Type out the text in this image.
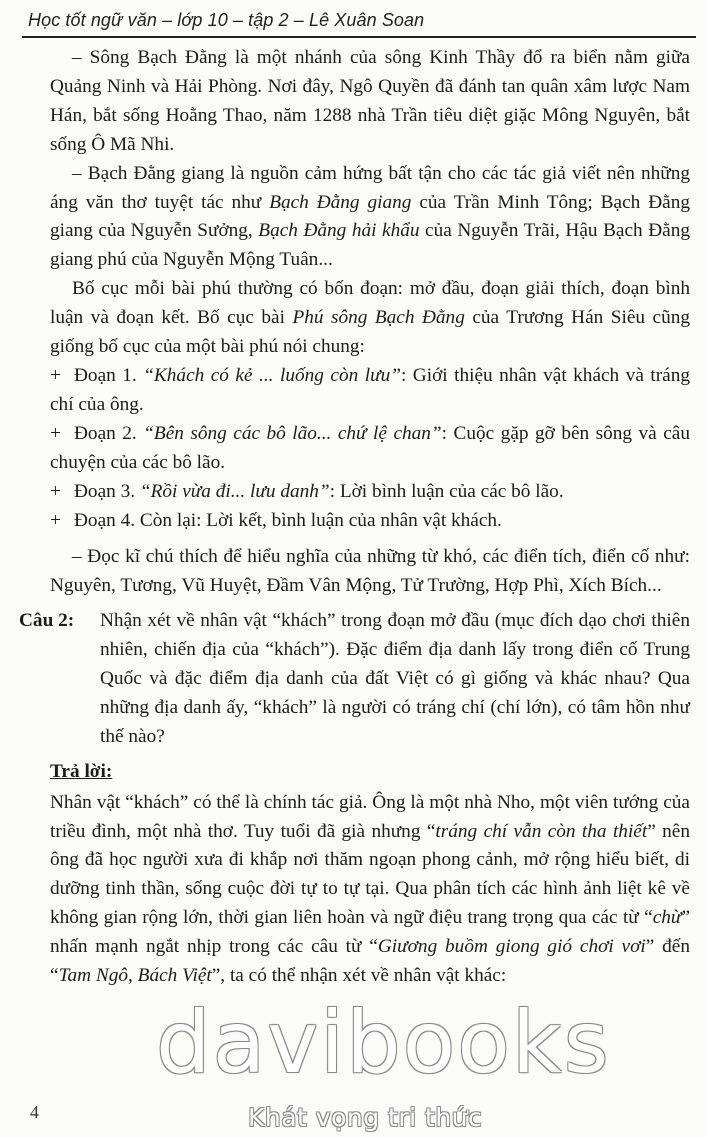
Học tốt ngữ văn – lớp 10 – tập 2 – Lê Xuân Soan

– Sông Bạch Đằng là một nhánh của sông Kinh Thầy đổ ra biển nằm giữa Quảng Ninh và Hải Phòng. Nơi đây, Ngô Quyền đã đánh tan quân xâm lược Nam Hán, bắt sống Hoằng Thao, năm 1288 nhà Trần tiêu diệt giặc Mông Nguyên, bắt sống Ô Mã Nhi.

– Bạch Đằng giang là nguồn cảm hứng bất tận cho các tác giả viết nên những áng văn thơ tuyệt tác như Bạch Đằng giang của Trần Minh Tông; Bạch Đằng giang của Nguyễn Sưởng, Bạch Đằng hải khẩu của Nguyễn Trãi, Hậu Bạch Đằng giang phú của Nguyễn Mộng Tuân...

Bố cục mỗi bài phú thường có bốn đoạn: mở đầu, đoạn giải thích, đoạn bình luận và đoạn kết. Bố cục bài Phú sông Bạch Đằng của Trương Hán Siêu cũng giống bố cục của một bài phú nói chung:

+ Đoạn 1. “Khách có kẻ ... luống còn lưu”: Giới thiệu nhân vật khách và tráng chí của ông.

+ Đoạn 2. “Bên sông các bô lão... chứ lệ chan”: Cuộc gặp gỡ bên sông và câu chuyện của các bô lão.

+ Đoạn 3. “Rồi vừa đi... lưu danh”: Lời bình luận của các bô lão.

+ Đoạn 4. Còn lại: Lời kết, bình luận của nhân vật khách.

– Đọc kĩ chú thích để hiểu nghĩa của những từ khó, các điển tích, điển cố như: Nguyên, Tương, Vũ Huyệt, Đầm Vân Mộng, Tử Trường, Hợp Phì, Xích Bích...

Câu 2: Nhận xét về nhân vật “khách” trong đoạn mở đầu (mục đích dạo chơi thiên nhiên, chiến địa của “khách”). Đặc điểm địa danh lấy trong điển cố Trung Quốc và đặc điểm địa danh của đất Việt có gì giống và khác nhau? Qua những địa danh ấy, “khách” là người có tráng chí (chí lớn), có tâm hồn như thế nào?

Trả lời:

Nhân vật “khách” có thể là chính tác giả. Ông là một nhà Nho, một viên tướng của triều đình, một nhà thơ. Tuy tuổi đã già nhưng “tráng chí vẫn còn tha thiết” nên ông đã học người xưa đi khắp nơi thăm ngoạn phong cảnh, mở rộng hiểu biết, di dưỡng tinh thần, sống cuộc đời tự to tự tại. Qua phân tích các hình ảnh liệt kê về không gian rộng lớn, thời gian liên hoàn và ngữ điệu trang trọng qua các từ “chừ” nhấn mạnh ngắt nhịp trong các câu từ “Giương buồm giong gió chơi vơi” đến “Tam Ngô, Bách Việt”, ta có thể nhận xét về nhân vật khác:

davibooks
Khát vọng tri thức
4
